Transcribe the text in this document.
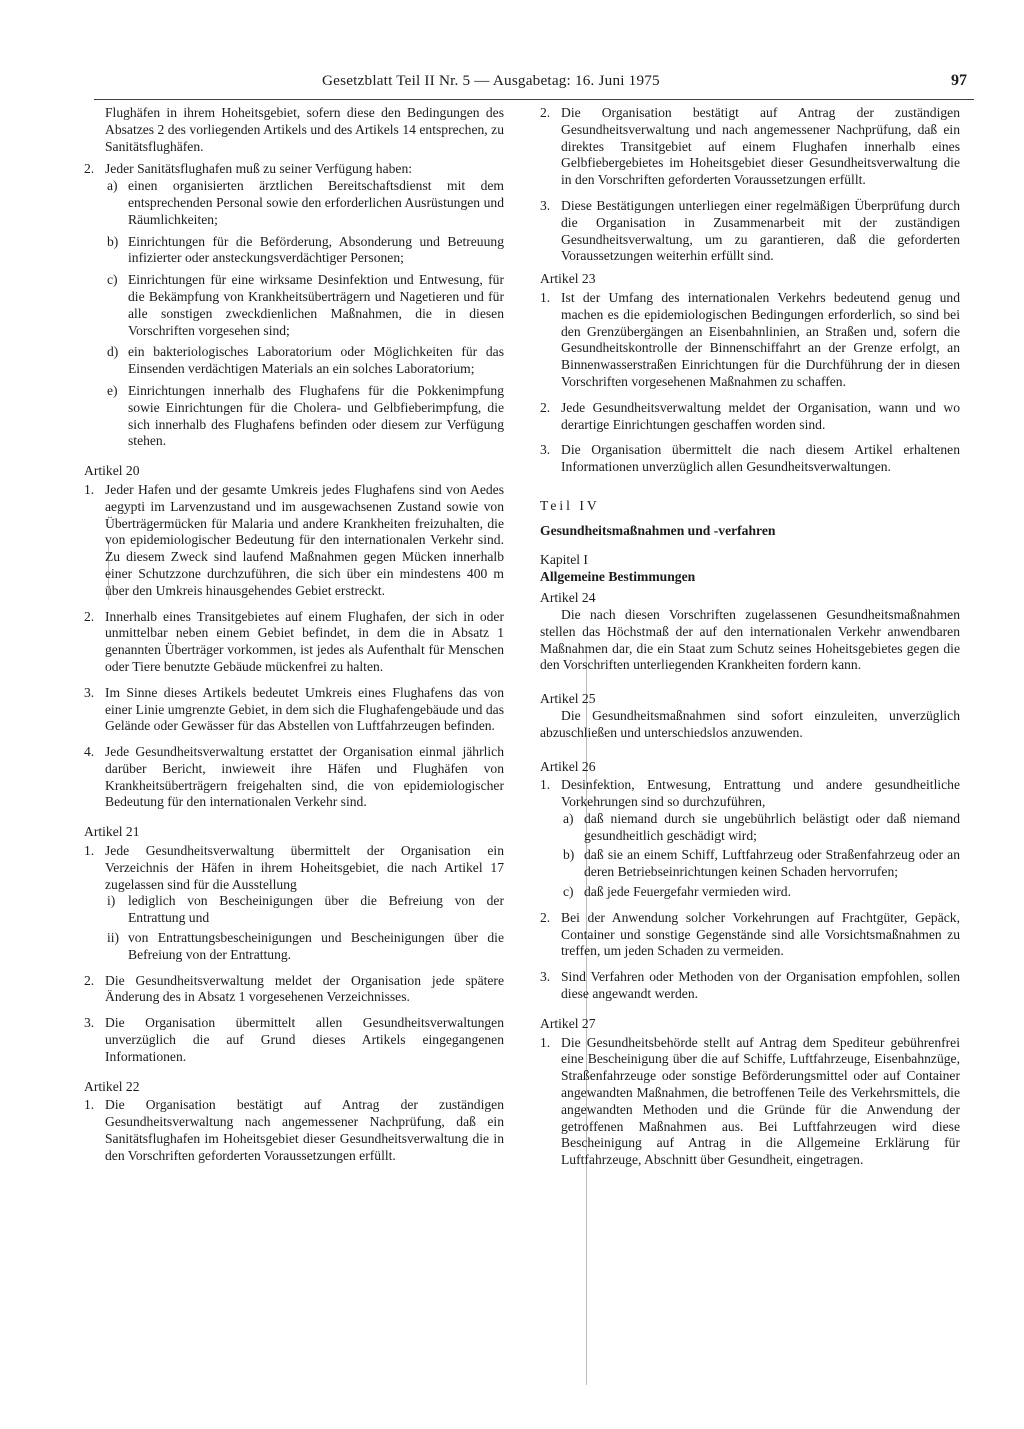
Gesetzblatt Teil II Nr. 5 — Ausgabetag: 16. Juni 1975	97

Flughäfen in ihrem Hoheitsgebiet, sofern diese den Bedingungen des Absatzes 2 des vorliegenden Artikels und des Artikels 14 entsprechen, zu Sanitätsflughäfen.

2. Jeder Sanitätsflughafen muß zu seiner Verfügung haben:
a) einen organisierten ärztlichen Bereitschaftsdienst mit dem entsprechenden Personal sowie den erforderlichen Ausrüstungen und Räumlichkeiten;
b) Einrichtungen für die Beförderung, Absonderung und Betreuung infizierter oder ansteckungsverdächtiger Personen;
c) Einrichtungen für eine wirksame Desinfektion und Entwesung, für die Bekämpfung von Krankheitsüberträgern und Nagetieren und für alle sonstigen zweckdienlichen Maßnahmen, die in diesen Vorschriften vorgesehen sind;
d) ein bakteriologisches Laboratorium oder Möglichkeiten für das Einsenden verdächtigen Materials an ein solches Laboratorium;
e) Einrichtungen innerhalb des Flughafens für die Pokkenimpfung sowie Einrichtungen für die Cholera- und Gelbfieberimpfung, die sich innerhalb des Flughafens befinden oder diesem zur Verfügung stehen.

Artikel 20

1. Jeder Hafen und der gesamte Umkreis jedes Flughafens sind von Aedes aegypti im Larvenzustand und im ausgewachsenen Zustand sowie von Überträgermücken für Malaria und andere Krankheiten freizuhalten, die von epidemiologischer Bedeutung für den internationalen Verkehr sind. Zu diesem Zweck sind laufend Maßnahmen gegen Mücken innerhalb einer Schutzzone durchzuführen, die sich über ein mindestens 400 m über den Umkreis hinausgehendes Gebiet erstreckt.
2. Innerhalb eines Transitgebietes auf einem Flughafen, der sich in oder unmittelbar neben einem Gebiet befindet, in dem die in Absatz 1 genannten Überträger vorkommen, ist jedes als Aufenthalt für Menschen oder Tiere benutzte Gebäude mückenfrei zu halten.
3. Im Sinne dieses Artikels bedeutet Umkreis eines Flughafens das von einer Linie umgrenzte Gebiet, in dem sich die Flughafengebäude und das Gelände oder Gewässer für das Abstellen von Luftfahrzeugen befinden.
4. Jede Gesundheitsverwaltung erstattet der Organisation einmal jährlich darüber Bericht, inwieweit ihre Häfen und Flughäfen von Krankheitsüberträgern freigehalten sind, die von epidemiologischer Bedeutung für den internationalen Verkehr sind.

Artikel 21

1. Jede Gesundheitsverwaltung übermittelt der Organisation ein Verzeichnis der Häfen in ihrem Hoheitsgebiet, die nach Artikel 17 zugelassen sind für die Ausstellung
i) lediglich von Bescheinigungen über die Befreiung von der Entrattung und
ii) von Entrattungsbescheinigungen und Bescheinigungen über die Befreiung von der Entrattung.
2. Die Gesundheitsverwaltung meldet der Organisation jede spätere Änderung des in Absatz 1 vorgesehenen Verzeichnisses.
3. Die Organisation übermittelt allen Gesundheitsverwaltungen unverzüglich die auf Grund dieses Artikels eingegangenen Informationen.

Artikel 22

1. Die Organisation bestätigt auf Antrag der zuständigen Gesundheitsverwaltung nach angemessener Nachprüfung, daß ein Sanitätsflughafen im Hoheitsgebiet dieser Gesundheitsverwaltung die in den Vorschriften geforderten Voraussetzungen erfüllt.
2. Die Organisation bestätigt auf Antrag der zuständigen Gesundheitsverwaltung und nach angemessener Nachprüfung, daß ein direktes Transitgebiet auf einem Flughafen innerhalb eines Gelbfiebergebietes im Hoheitsgebiet dieser Gesundheitsverwaltung die in den Vorschriften geforderten Voraussetzungen erfüllt.
3. Diese Bestätigungen unterliegen einer regelmäßigen Überprüfung durch die Organisation in Zusammenarbeit mit der zuständigen Gesundheitsverwaltung, um zu garantieren, daß die geforderten Voraussetzungen weiterhin erfüllt sind.

Artikel 23

1. Ist der Umfang des internationalen Verkehrs bedeutend genug und machen es die epidemiologischen Bedingungen erforderlich, so sind bei den Grenzübergängen an Eisenbahnlinien, an Straßen und, sofern die Gesundheitskontrolle der Binnenschiffahrt an der Grenze erfolgt, an Binnenwasserstraßen Einrichtungen für die Durchführung der in diesen Vorschriften vorgesehenen Maßnahmen zu schaffen.
2. Jede Gesundheitsverwaltung meldet der Organisation, wann und wo derartige Einrichtungen geschaffen worden sind.
3. Die Organisation übermittelt die nach diesem Artikel erhaltenen Informationen unverzüglich allen Gesundheitsverwaltungen.

Teil IV

Gesundheitsmaßnahmen und -verfahren

Kapitel I

Allgemeine Bestimmungen

Artikel 24

Die nach diesen Vorschriften zugelassenen Gesundheitsmaßnahmen stellen das Höchstmaß der auf den internationalen Verkehr anwendbaren Maßnahmen dar, die ein Staat zum Schutz seines Hoheitsgebietes gegen die den Vorschriften unterliegenden Krankheiten fordern kann.

Artikel 25

Die Gesundheitsmaßnahmen sind sofort einzuleiten, unverzüglich abzuschließen und unterschiedslos anzuwenden.

Artikel 26

1. Desinfektion, Entwesung, Entrattung und andere gesundheitliche Vorkehrungen sind so durchzuführen,
a) daß niemand durch sie ungebührlich belästigt oder daß niemand gesundheitlich geschädigt wird;
b) daß sie an einem Schiff, Luftfahrzeug oder Straßenfahrzeug oder an deren Betriebseinrichtungen keinen Schaden hervorrufen;
c) daß jede Feuergefahr vermieden wird.
2. Bei der Anwendung solcher Vorkehrungen auf Frachtgüter, Gepäck, Container und sonstige Gegenstände sind alle Vorsichtsmaßnahmen zu treffen, um jeden Schaden zu vermeiden.
3. Sind Verfahren oder Methoden von der Organisation empfohlen, sollen diese angewandt werden.

Artikel 27

1. Die Gesundheitsbehörde stellt auf Antrag dem Spediteur gebührenfrei eine Bescheinigung über die auf Schiffe, Luftfahrzeuge, Eisenbahnzüge, Straßenfahrzeuge oder sonstige Beförderungsmittel oder auf Container angewandten Maßnahmen, die betroffenen Teile des Verkehrsmittels, die angewandten Methoden und die Gründe für die Anwendung der getroffenen Maßnahmen aus. Bei Luftfahrzeugen wird diese Bescheinigung auf Antrag in die Allgemeine Erklärung für Luftfahrzeuge, Abschnitt über Gesundheit, eingetragen.
